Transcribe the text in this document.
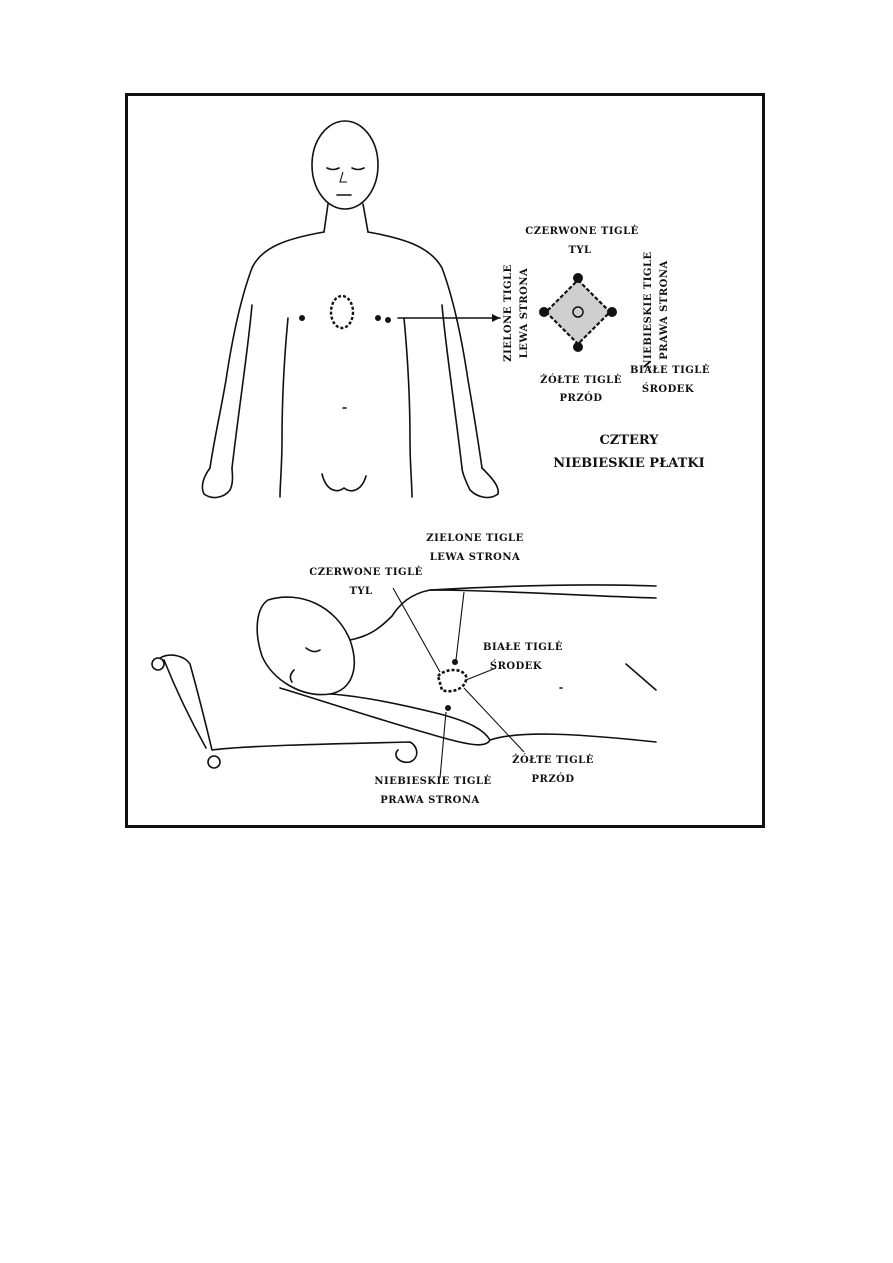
CZERWONE TIGLĖ
TYL
ZIELONE TIGLE LEWA STRONA	NIEBIESKIE TIGLE PRAWA STRONA
ŻÓŁTE TIGLĖ
PRZÓD
BIAŁE TIGLĖ
ŚRODEK
CZTERY
NIEBIESKIE PŁATKI
ZIELONE TIGLE
LEWA STRONA
CZERWONE TIGLĖ
TYL
BIAŁE TIGLĖ
ŚRODEK
ŻÓŁTE TIGLĖ
PRZÓD
NIEBIESKIE TIGLĖ
PRAWA STRONA
